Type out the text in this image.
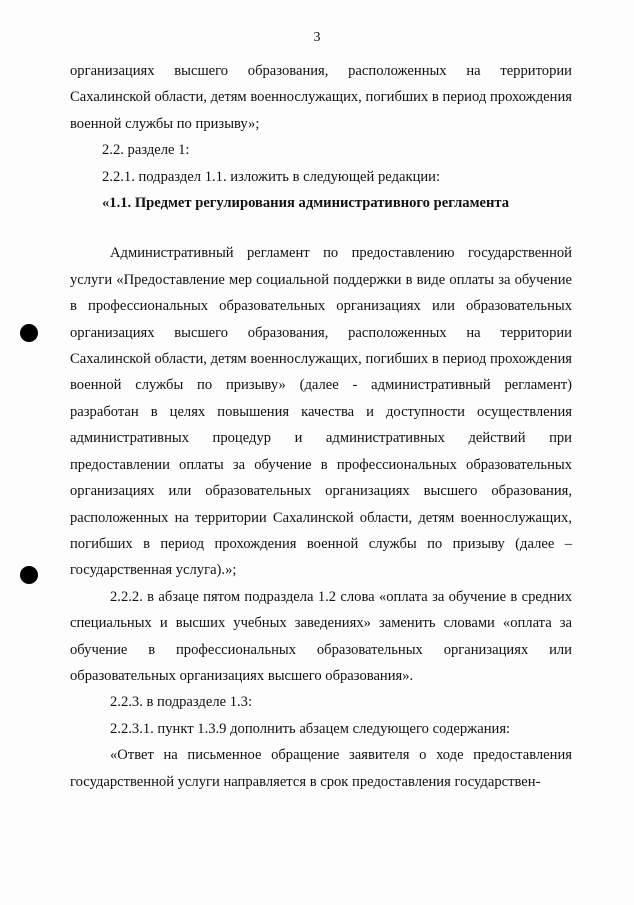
3

организациях высшего образования, расположенных на территории Сахалинской области, детям военнослужащих, погибших в период прохождения военной службы по призыву»;

2.2. разделе 1:

2.2.1. подраздел 1.1. изложить в следующей редакции:

«1.1. Предмет регулирования административного регламента

Административный регламент по предоставлению государственной услуги «Предоставление мер социальной поддержки в виде оплаты за обучение в профессиональных образовательных организациях или образовательных организациях высшего образования, расположенных на территории Сахалинской области, детям военнослужащих, погибших в период прохождения военной службы по призыву» (далее - административный регламент) разработан в целях повышения качества и доступности осуществления административных процедур и административных действий при предоставлении оплаты за обучение в профессиональных образовательных организациях или образовательных организациях высшего образования, расположенных на территории Сахалинской области, детям военнослужащих, погибших в период прохождения военной службы по призыву (далее – государственная услуга).»;

2.2.2. в абзаце пятом подраздела 1.2 слова «оплата за обучение в средних специальных и высших учебных заведениях» заменить словами «оплата за обучение в профессиональных образовательных организациях или образовательных организациях высшего образования».

2.2.3. в подразделе 1.3:

2.2.3.1. пункт 1.3.9 дополнить абзацем следующего содержания:

«Ответ на письменное обращение заявителя о ходе предоставления государственной услуги направляется в срок предоставления государствен-
